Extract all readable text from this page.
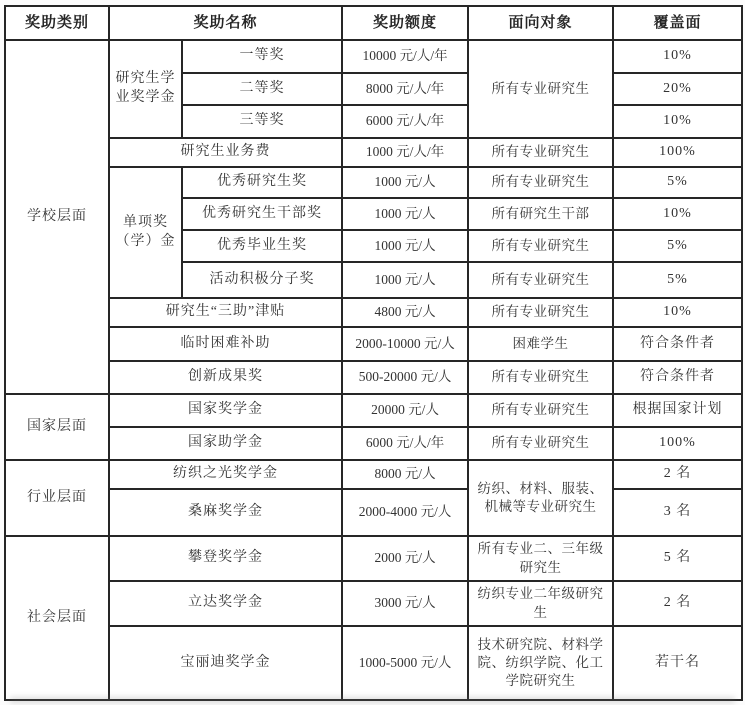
奖助类别	奖助名称		奖助额度	面向对象	覆盖面
学校层面	研究生学业奖学金	一等奖	10000 元/人/年	所有专业研究生	10%
		二等奖	8000 元/人/年		20%
		三等奖	6000 元/人/年		10%
	研究生业务费		1000 元/人/年	所有专业研究生	100%
	单项奖（学）金	优秀研究生奖	1000 元/人	所有专业研究生	5%
		优秀研究生干部奖	1000 元/人	所有研究生干部	10%
		优秀毕业生奖	1000 元/人	所有专业研究生	5%
		活动积极分子奖	1000 元/人	所有专业研究生	5%
	研究生“三助”津贴		4800 元/人	所有专业研究生	10%
	临时困难补助		2000-10000 元/人	困难学生	符合条件者
	创新成果奖		500-20000 元/人	所有专业研究生	符合条件者
国家层面	国家奖学金		20000 元/人	所有专业研究生	根据国家计划
	国家助学金		6000 元/人/年	所有专业研究生	100%
行业层面	纺织之光奖学金		8000 元/人	纺织、材料、服装、机械等专业研究生	2 名
	桑麻奖学金		2000-4000 元/人		3 名
社会层面	攀登奖学金		2000 元/人	所有专业二、三年级研究生	5 名
	立达奖学金		3000 元/人	纺织专业二年级研究生	2 名
	宝丽迪奖学金		1000-5000 元/人	技术研究院、材料学院、纺织学院、化工学院研究生	若干名
